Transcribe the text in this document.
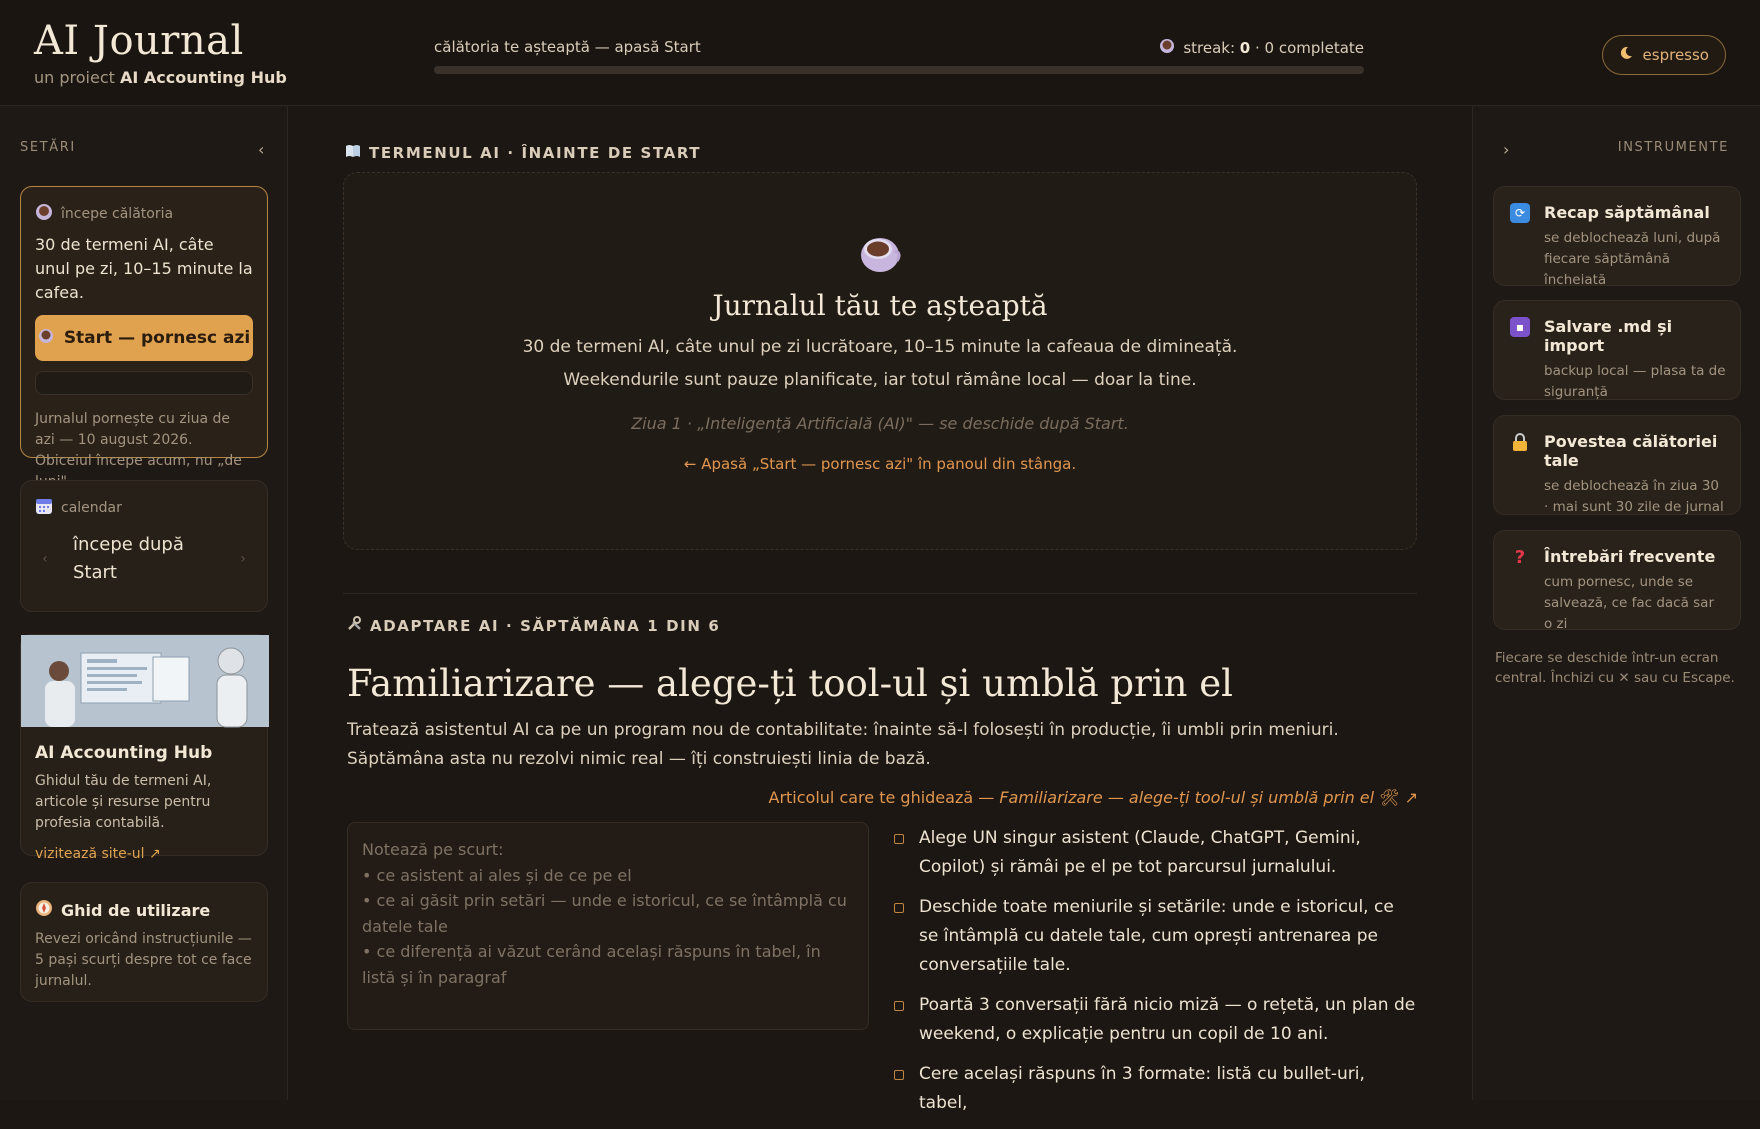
AI Journal
un proiect AI Accounting Hub
călătoria te așteaptă — apasă Start	streak: 0 · 0 completate	espresso
SETĂRI	‹
începe călătoria
30 de termeni AI, câte unul pe zi, 10–15 minute la cafea.
Start — pornesc azi
Jurnalul pornește cu ziua de azi — 10 august 2026. Obiceiul începe acum, nu „de
calendar
‹
începe după Start
›
AI Accounting Hub
Ghidul tău de termeni AI, articole și resurse pentru profesia contabilă.
vizitează site-ul ↗
Ghid de utilizare
Revezi oricând instrucțiunile — 5 pași scurți despre tot ce face jurnalul.
TERMENUL AI · ÎNAINTE DE START
Jurnalul tău te așteaptă
30 de termeni AI, câte unul pe zi lucrătoare, 10–15 minute la cafeaua de dimineață.
Weekendurile sunt pauze planificate, iar totul rămâne local — doar la tine.
Ziua 1 · „Inteligență Artificială (AI)" — se deschide după Start.
← Apasă „Start — pornesc azi" în panoul din stânga.
ADAPTARE AI · SĂPTĂMÂNA 1 DIN 6
Familiarizare — alege-ți tool-ul și umblă prin el
Tratează asistentul AI ca pe un program nou de contabilitate: înainte să-l folosești în producție, îi umbli prin meniuri. Săptămâna asta nu rezolvi nimic real — îți construiești linia de bază.
Articolul care te ghidează — Familiarizare — alege-ți tool-ul și umblă prin el 🛠 ↗
Notează pe scurt:
• ce asistent ai ales și de ce pe el
• ce ai găsit prin setări — unde e istoricul, ce se întâmplă cu datele tale
• ce diferență ai văzut cerând același răspuns în tabel, în listă și în paragraf
Alege UN singur asistent (Claude, ChatGPT, Gemini, Copilot) și rămâi pe el pe tot parcursul jurnalului.
Deschide toate meniurile și setările: unde e istoricul, ce se întâmplă cu datele tale, cum oprești antrenarea pe conversațiile tale.
Poartă 3 conversații fără nicio miză — o rețetă, un plan de weekend, o explicație pentru un copil de 10 ani.
Cere același răspuns în 3 formate: listă cu bullet-uri, tabel,
›	INSTRUMENTE
⟳	Recap săptămânal
se deblochează luni, după fiecare săptămână încheiată
▪	Salvare .md și import
backup local — plasa ta de siguranță
Povestea călătoriei tale
se deblochează în ziua 30 · mai sunt 30 zile de jurnal
? Întrebări frecvente
cum pornesc, unde se salvează, ce fac dacă sar o zi
Fiecare se deschide într-un ecran central. Închizi cu ✕ sau cu Escape.
